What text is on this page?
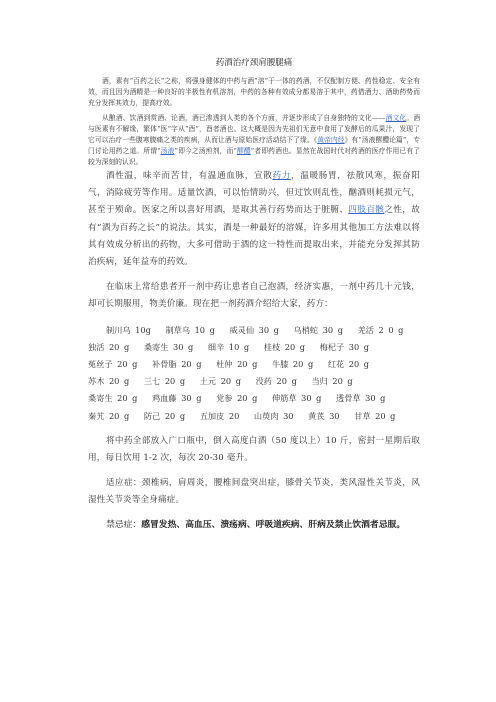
药酒治疗颈肩腰腿痛

酒，素有“百药之长”之称，将强身健体的中药与酒“溶”于一体的药酒，不仅配制方便、药性稳定、安全有效，而且因为酒精是一种良好的半极性有机溶剂，中药的各种有效成分都易溶于其中，药借酒力、酒助药势而充分发挥其效力，提高疗效。

从酿酒、饮酒到赏酒、论酒，酒已渗透到人类的各个方面，并逐步形成了自身独特的文化——酒文化。酒与医素有不解缘，繁体“医”字从“酉”，酉者酒也。这大概是因为先祖们无意中食用了发酵后的瓜果汁，发现了它可以治疗一些腹寒腹痛之类的疾病，从而让酒与原始医疗活动结下了缘。《黄帝内经》有“汤液醪醴论篇”，专门讨论用药之道。所谓“汤液”即今之汤煎剂，而“醪醴”者即药酒也。显然在战国时代对药酒的医疗作用已有了较为深刻的认识。

酒性温，味辛而苦甘，有温通血脉，宣散药力，温暖肠胃，祛散风寒，振奋阳气，消除疲劳等作用。适量饮酒，可以怡情助兴，但过饮则乱性，酗酒则耗损元气，甚至于殒命。医家之所以喜好用酒，是取其善行药势而达于脏腑、四肢百骸之性，故有“酒为百药之长”的说法。其实，酒是一种最好的溶媒，许多用其他加工方法难以将其有效成分析出的药物，大多可借助于酒的这一特性而提取出来，并能充分发挥其防治疾病，延年益寿的药效。

在临床上常给患者开一剂中药让患者自己泡酒，经济实惠，一剂中药几十元钱，却可长期服用，物美价廉。现在把一剂药酒介绍给大家，药方：

制川乌 10g 制草乌 10 g 威灵仙 30 g 乌梢蛇 30 g 羌活 2 0 g 独活 20 g 桑寄生 30 g 细辛 10 g 桂枝 20 g 梅杞子 30 g 菟丝子 20 g 补骨脂 20 g 杜仲 20 g 牛膝 20 g 红花 20 g 苏木 20 g 三七 20 g 土元 20 g 没药 20 g 当归 20 g 桑寄生 20 g 鸡血藤 30 g 党参 20 g 伸筋草 30 g 透骨草 30 g 秦艽 20 g 防己 20 g 五加皮 20 山萸肉 30 黄芪 30 甘草 20 g

将中药全部放入广口瓶中，倒入高度白酒（50 度以上）10 斤，密封一星期后取用，每日饮用 1-2 次，每次 20-30 毫升。

适应症：颈椎病，肩周炎，腰椎间盘突出症，膝骨关节炎，类风湿性关节炎，风湿性关节炎等全身痛症。

禁忌症：感冒发热、高血压、溃疡病、呼吸道疾病、肝病及禁止饮酒者忌服。
